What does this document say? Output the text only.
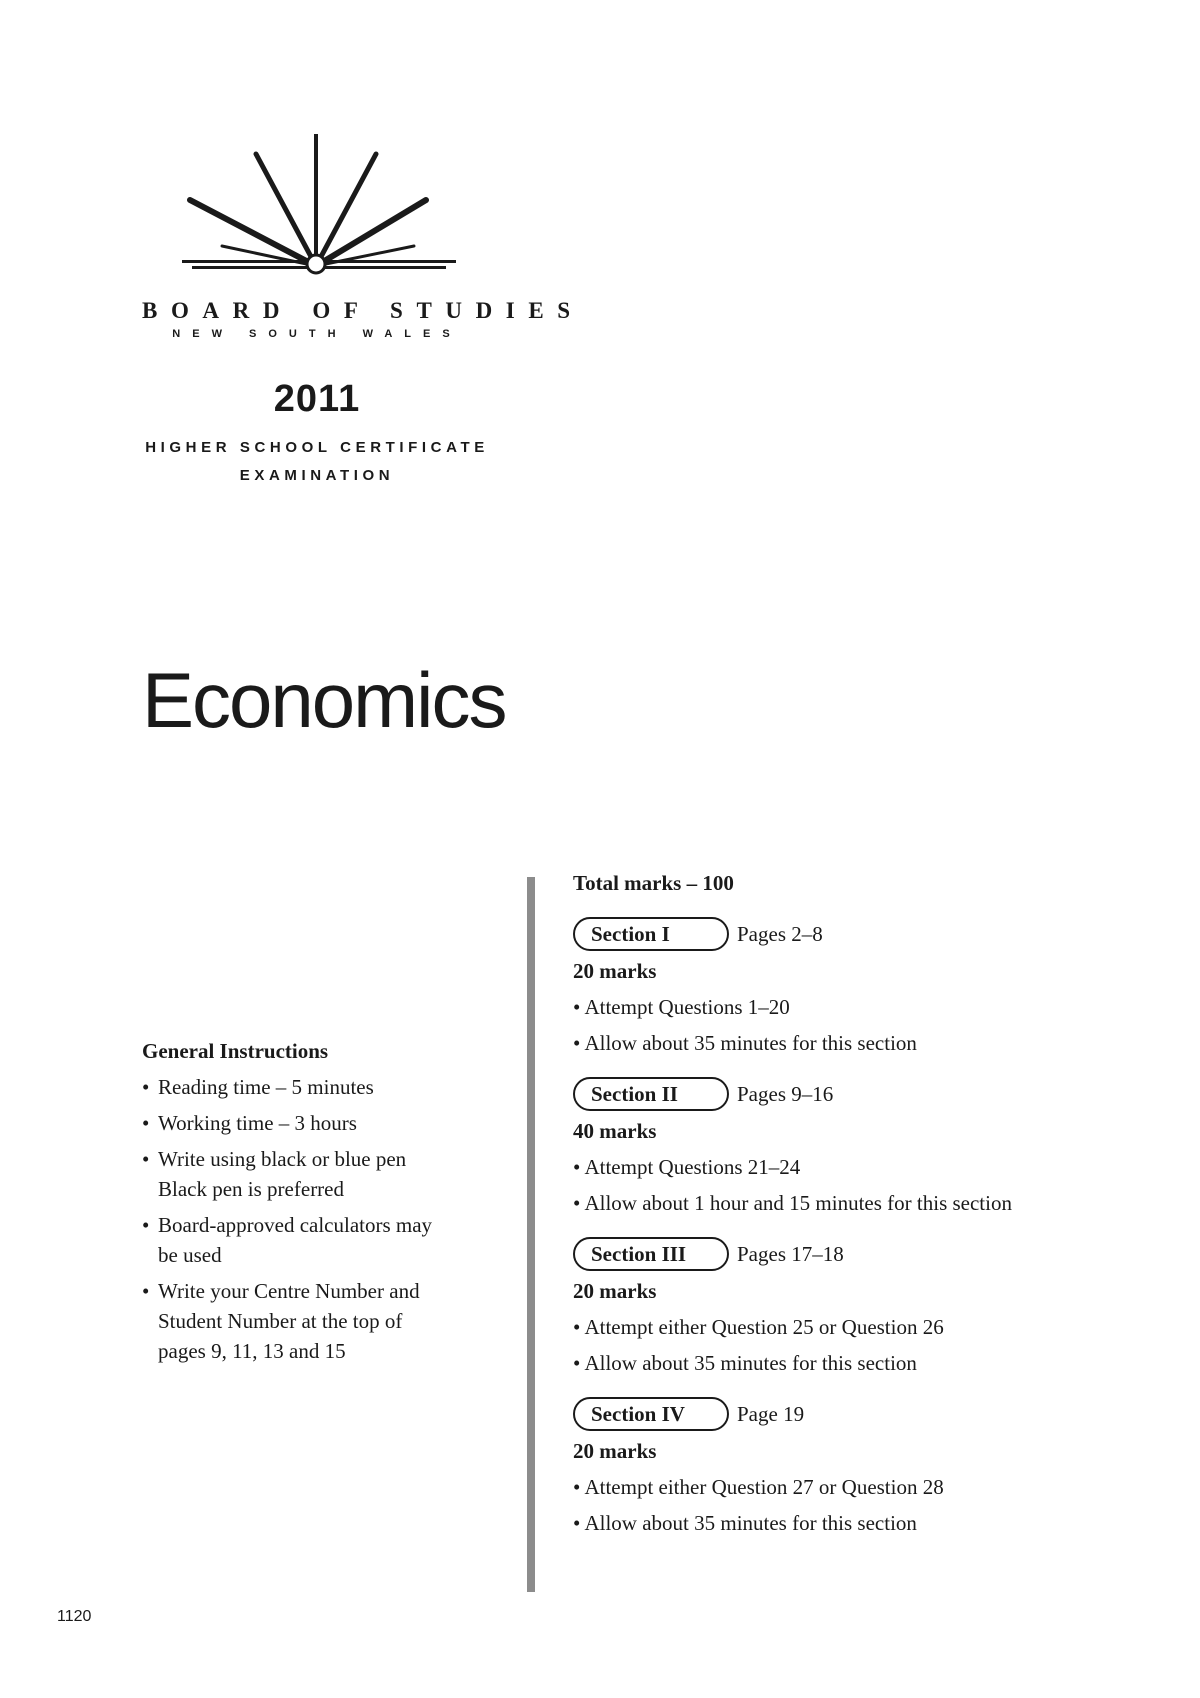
BOARD OF STUDIES
NEW SOUTH WALES
2011
HIGHER SCHOOL CERTIFICATE
EXAMINATION
Economics
General Instructions
• Reading time – 5 minutes
• Working time – 3 hours
• Write using black or blue pen
Black pen is preferred
• Board-approved calculators may
be used
• Write your Centre Number and
Student Number at the top of
pages 9, 11, 13 and 15

Total marks – 100

Section I	Pages 2–8
20 marks
• Attempt Questions 1–20
• Allow about 35 minutes for this section
Section II	Pages 9–16
40 marks
• Attempt Questions 21–24
• Allow about 1 hour and 15 minutes for this section
Section III	Pages 17–18
20 marks
• Attempt either Question 25 or Question 26
• Allow about 35 minutes for this section
Section IV	Page 19
20 marks
• Attempt either Question 27 or Question 28
• Allow about 35 minutes for this section
1120
